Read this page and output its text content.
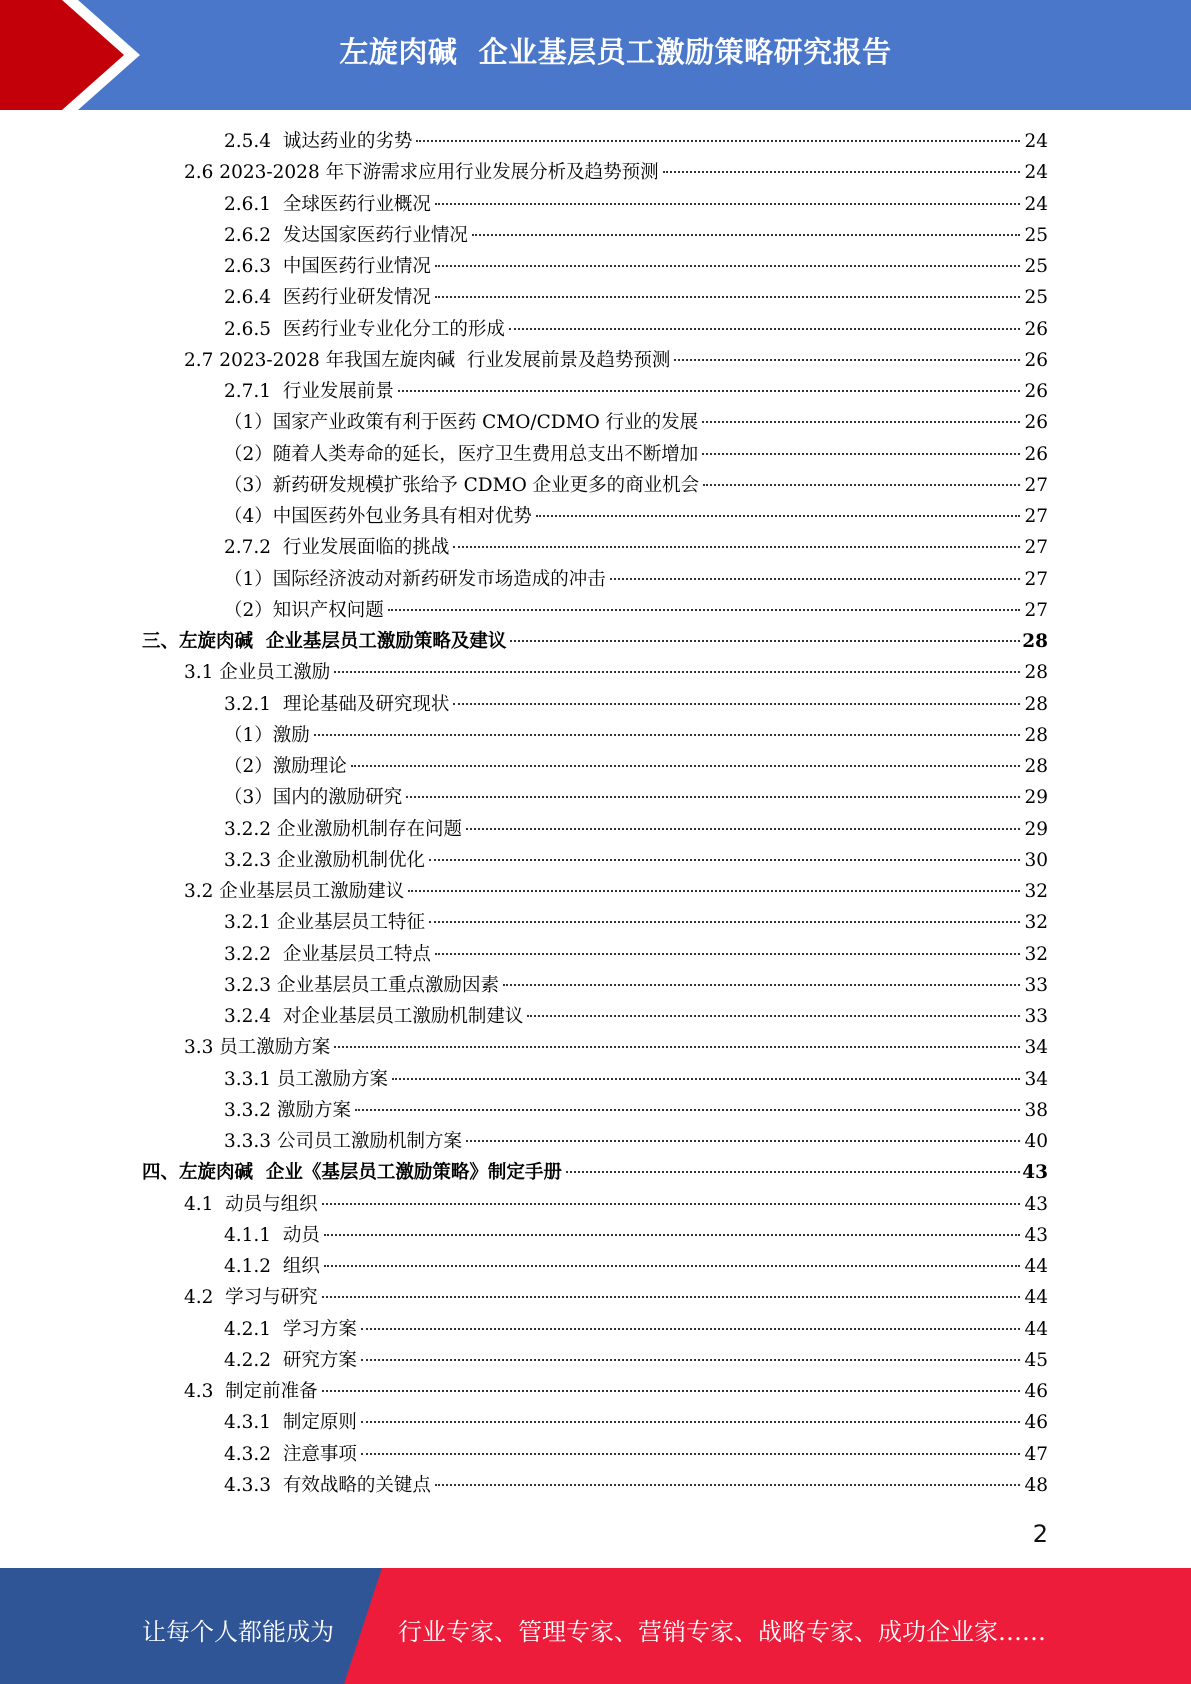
左旋肉碱  企业基层员工激励策略研究报告
2.5.4  诚达药业的劣势	24
2.6 2023-2028 年下游需求应用行业发展分析及趋势预测	24
2.6.1  全球医药行业概况	24
2.6.2  发达国家医药行业情况	25
2.6.3  中国医药行业情况	25
2.6.4  医药行业研发情况	25
2.6.5  医药行业专业化分工的形成	26
2.7 2023-2028 年我国左旋肉碱  行业发展前景及趋势预测	26
2.7.1  行业发展前景	26
（1）国家产业政策有利于医药 CMO/CDMO 行业的发展	26
（2）随着人类寿命的延长，医疗卫生费用总支出不断增加	26
（3）新药研发规模扩张给予 CDMO 企业更多的商业机会	27
（4）中国医药外包业务具有相对优势	27
2.7.2  行业发展面临的挑战	27
（1）国际经济波动对新药研发市场造成的冲击	27
（2）知识产权问题	27
三、左旋肉碱  企业基层员工激励策略及建议	28
3.1 企业员工激励	28
3.2.1  理论基础及研究现状	28
（1）激励	28
（2）激励理论	28
（3）国内的激励研究	29
3.2.2 企业激励机制存在问题	29
3.2.3 企业激励机制优化	30
3.2 企业基层员工激励建议	32
3.2.1 企业基层员工特征	32
3.2.2  企业基层员工特点	32
3.2.3 企业基层员工重点激励因素	33
3.2.4  对企业基层员工激励机制建议	33
3.3 员工激励方案	34
3.3.1 员工激励方案	34
3.3.2 激励方案	38
3.3.3 公司员工激励机制方案	40
四、左旋肉碱  企业《基层员工激励策略》制定手册	43
4.1  动员与组织	43
4.1.1  动员	43
4.1.2  组织	44
4.2  学习与研究	44
4.2.1  学习方案	44
4.2.2  研究方案	45
4.3  制定前准备	46
4.3.1  制定原则	46
4.3.2  注意事项	47
4.3.3  有效战略的关键点	48
2
让每个人都能成为	行业专家、管理专家、营销专家、战略专家、成功企业家……
